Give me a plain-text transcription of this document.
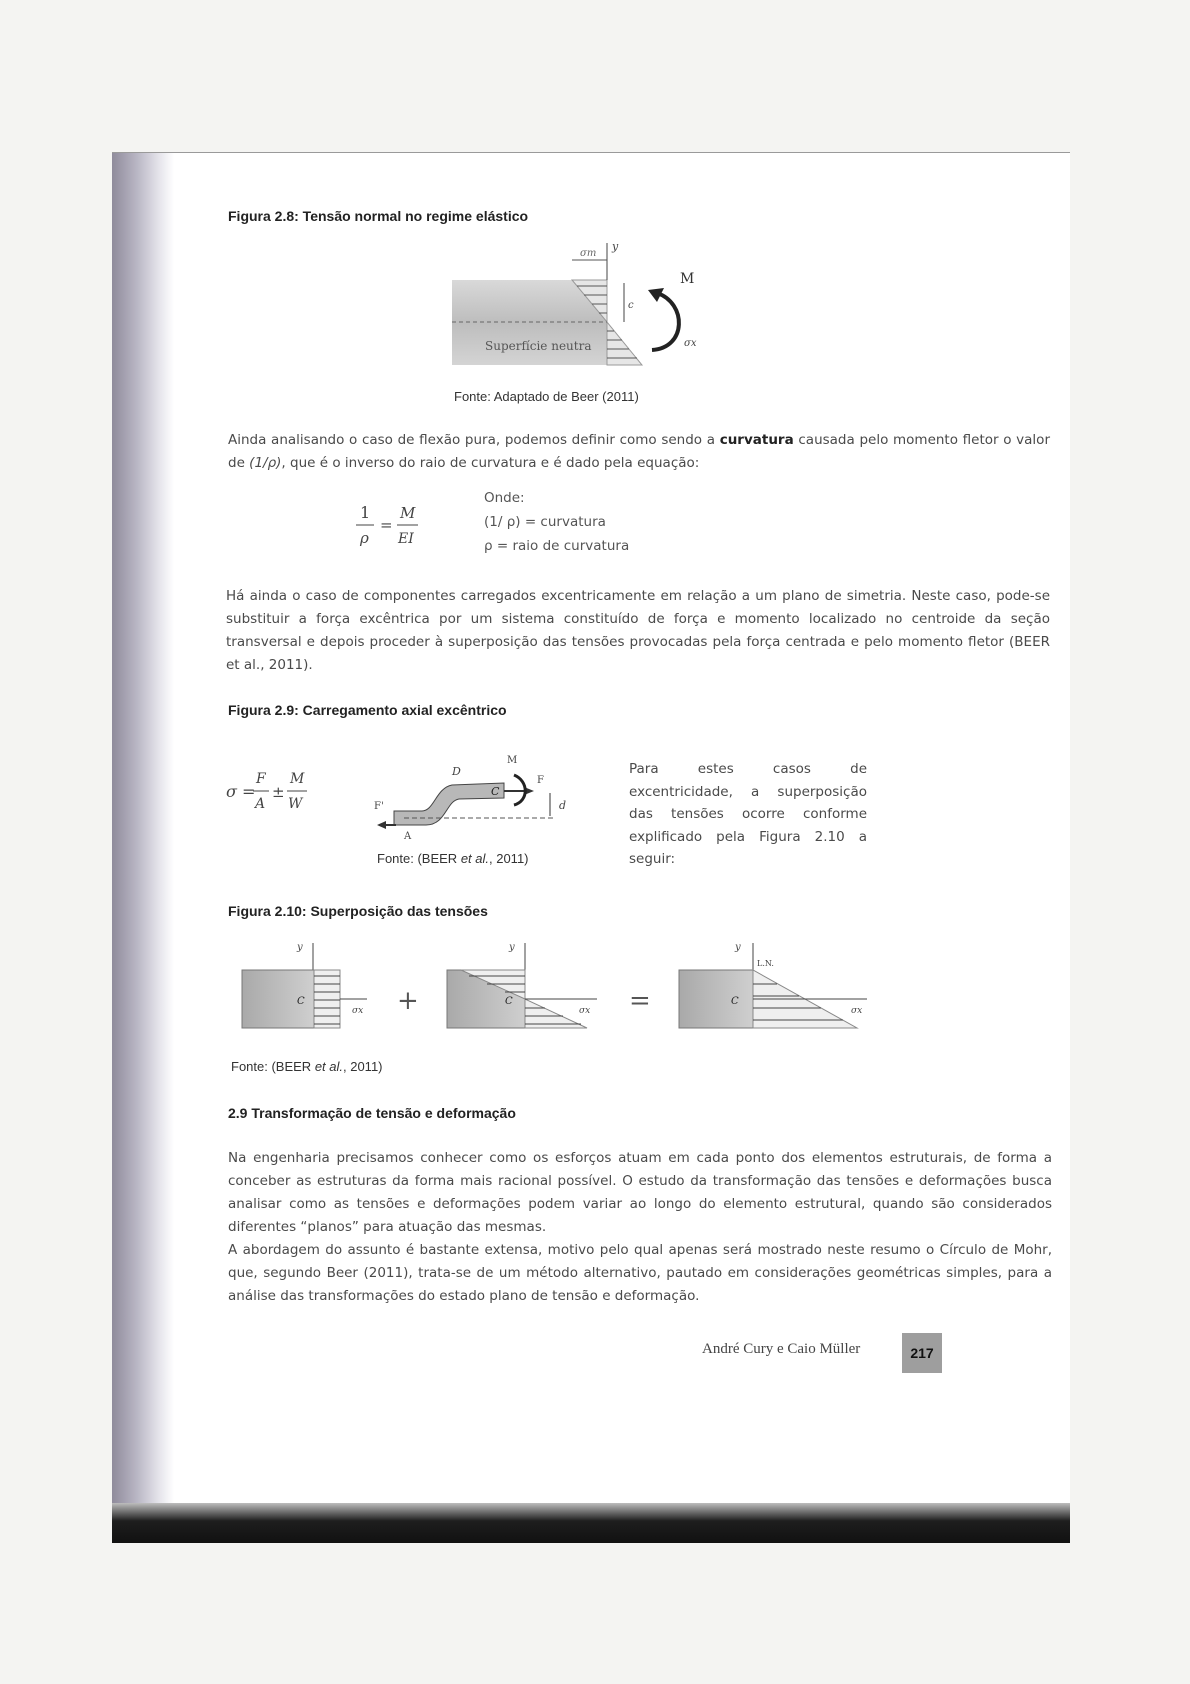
Figura 2.8: Tensão normal no regime elástico
σm
y
c
M
σx
Superfície neutra
Fonte: Adaptado de Beer (2011)
Ainda analisando o caso de flexão pura, podemos definir como sendo a curvatura causada pelo momento fletor o valor de (1/ρ), que é o inverso do raio de curvatura e é dado pela equação:
1
ρ
=
M
EI
Onde:
(1/ ρ) = curvatura
ρ = raio de curvatura
Há ainda o caso de componentes carregados excentricamente em relação a um plano de simetria. Neste caso, pode-se substituir a força excêntrica por um sistema constituído de força e momento localizado no centroide da seção transversal e depois proceder à superposição das tensões provocadas pela força centrada e pelo momento fletor (BEER et al., 2011).
Figura 2.9: Carregamento axial excêntrico
σ =
F
A
±
M
W	d
D
M
F
C
F'
A
Fonte: (BEER et al., 2011)
Para estes casos de excentricidade, a superposição das tensões ocorre conforme explificado pela Figura 2.10 a seguir:
Figura 2.10: Superposição das tensões
y
C
σx +
y
C
σx =
y
L.N.
C
σx
Fonte: (BEER et al., 2011)
2.9 Transformação de tensão e deformação

Na engenharia precisamos conhecer como os esforços atuam em cada ponto dos elementos estruturais, de forma a conceber as estruturas da forma mais racional possível. O estudo da transformação das tensões e deformações busca analisar como as tensões e deformações podem variar ao longo do elemento estrutural, quando são considerados diferentes “planos” para atuação das mesmas.

A abordagem do assunto é bastante extensa, motivo pelo qual apenas será mostrado neste resumo o Círculo de Mohr, que, segundo Beer (2011), trata-se de um método alternativo, pautado em considerações geométricas simples, para a análise das transformações do estado plano de tensão e deformação.

André Cury e Caio Müller	217
